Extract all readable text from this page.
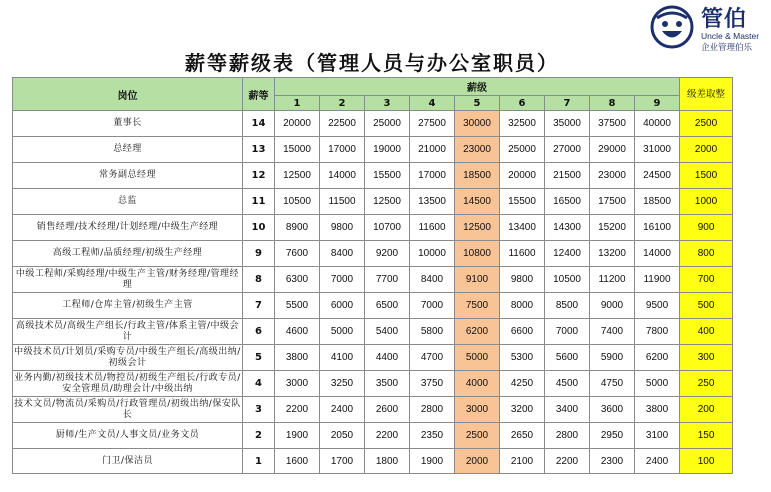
管伯
Uncle & Master
企业管理伯乐
薪等薪级表（管理人员与办公室职员）
岗位	薪等	薪级									级差取整
		1	2	3	4	5	6	7	8	9	
董事长	14	20000	22500	25000	27500	30000	32500	35000	37500	40000	2500
总经理	13	15000	17000	19000	21000	23000	25000	27000	29000	31000	2000
常务副总经理	12	12500	14000	15500	17000	18500	20000	21500	23000	24500	1500
总监	11	10500	11500	12500	13500	14500	15500	16500	17500	18500	1000
销售经理/技术经理/计划经理/中级生产经理	10	8900	9800	10700	11600	12500	13400	14300	15200	16100	900
高级工程师/品质经理/初级生产经理	9	7600	8400	9200	10000	10800	11600	12400	13200	14000	800
中级工程师/采购经理/中级生产主管/财务经理/管理经理	8	6300	7000	7700	8400	9100	9800	10500	11200	11900	700
工程师/仓库主管/初级生产主管	7	5500	6000	6500	7000	7500	8000	8500	9000	9500	500
高级技术员/高级生产组长/行政主管/体系主管/中级会计	6	4600	5000	5400	5800	6200	6600	7000	7400	7800	400
中级技术员/计划员/采购专员/中级生产组长/高级出纳/初级会计	5	3800	4100	4400	4700	5000	5300	5600	5900	6200	300
业务内勤/初级技术员/物控员/初级生产组长/行政专员/安全管理员/助理会计/中级出纳	4	3000	3250	3500	3750	4000	4250	4500	4750	5000	250
技术文员/物流员/采购员/行政管理员/初级出纳/保安队长	3	2200	2400	2600	2800	3000	3200	3400	3600	3800	200
厨师/生产文员/人事文员/业务文员	2	1900	2050	2200	2350	2500	2650	2800	2950	3100	150
门卫/保洁员	1	1600	1700	1800	1900	2000	2100	2200	2300	2400	100
